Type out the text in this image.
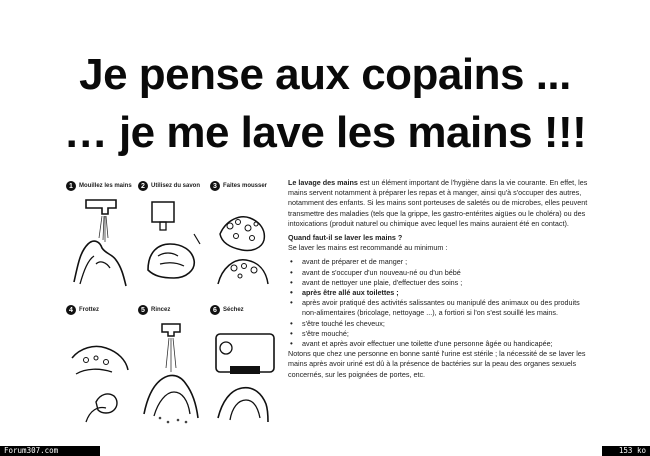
Je pense aux copains ...
… je me lave les mains !!!
1	Mouillez les mains	2	Utilisez du savon	3	Faites mousser
4	Frottez	5	Rincez	6	Séchez

Le lavage des mains est un élément important de l'hygiène dans la vie courante. En effet, les mains servent notamment à préparer les repas et à manger, ainsi qu'à s'occuper des autres, notamment des enfants. Si les mains sont porteuses de saletés ou de microbes, elles peuvent transmettre des maladies (tels que la grippe, les gastro-entérites aigües ou le choléra) ou des intoxications (produit naturel ou chimique avec lequel les mains auraient été en contact).

Quand faut-il se laver les mains ?

Se laver les mains est recommandé au minimum :

• avant de préparer et de manger ;
• avant de s'occuper d'un nouveau-né ou d'un bébé
• avant de nettoyer une plaie, d'effectuer des soins ;
• après être allé aux toilettes ;
• après avoir pratiqué des activités salissantes ou manipulé des animaux ou des produits non-alimentaires (bricolage, nettoyage ...), a fortiori si l'on s'est souillé les mains.
• s'être touché les cheveux;
• s'être mouché;
• avant et après avoir effectuer une toilette d'une personne âgée ou handicapée;

Notons que chez une personne en bonne santé l'urine est stérile ; la nécessité de se laver les mains après avoir uriné est dû à la présence de bactéries sur la peau des organes sexuels concernés, sur les poignées de portes, etc.

Forum307.com	153 ko
